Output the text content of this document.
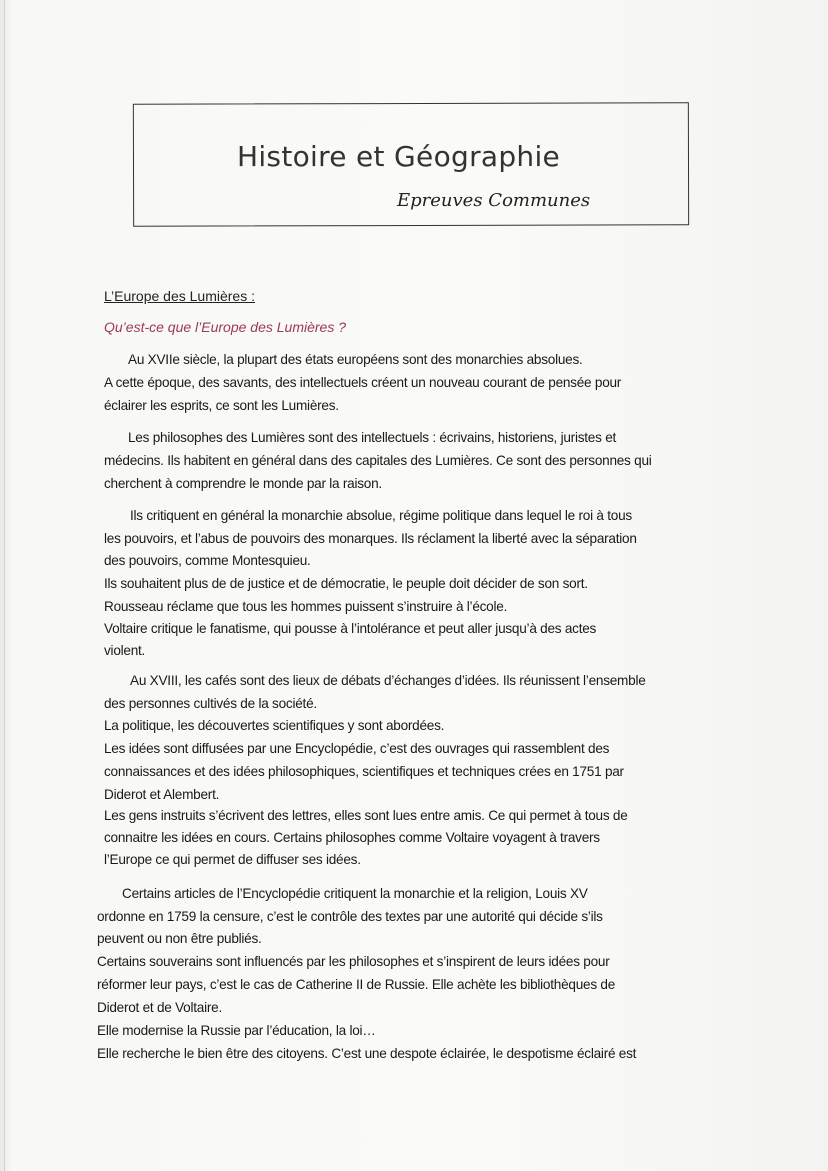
Histoire et Géographie
Epreuves Communes
L’Europe des Lumières :
Qu’est-ce que l’Europe des Lumières ?
Au XVIIe siècle, la plupart des états européens sont des monarchies absolues.
A cette époque, des savants, des intellectuels créent un nouveau courant de pensée pour
éclairer les esprits, ce sont les Lumières.
Les philosophes des Lumières sont des intellectuels : écrivains, historiens, juristes et
médecins. Ils habitent en général dans des capitales des Lumières. Ce sont des personnes qui
cherchent à comprendre le monde par la raison.
Ils critiquent en général la monarchie absolue, régime politique dans lequel le roi à tous
les pouvoirs, et l’abus de pouvoirs des monarques. Ils réclament la liberté avec la séparation
des pouvoirs, comme Montesquieu.
Ils souhaitent plus de de justice et de démocratie, le peuple doit décider de son sort.
Rousseau réclame que tous les hommes puissent s’instruire à l’école.
Voltaire critique le fanatisme, qui pousse à l’intolérance et peut aller jusqu’à des actes
violent.
Au XVIII, les cafés sont des lieux de débats d’échanges d’idées. Ils réunissent l’ensemble
des personnes cultivés de la société.
La politique, les découvertes scientifiques y sont abordées.
Les idées sont diffusées par une Encyclopédie, c’est des ouvrages qui rassemblent des
connaissances et des idées philosophiques, scientifiques et techniques crées en 1751 par
Diderot et Alembert.
Les gens instruits s’écrivent des lettres, elles sont lues entre amis. Ce qui permet à tous de
connaitre les idées en cours. Certains philosophes comme Voltaire voyagent à travers
l’Europe ce qui permet de diffuser ses idées.
Certains articles de l’Encyclopédie critiquent la monarchie et la religion, Louis XV
ordonne en 1759 la censure, c’est le contrôle des textes par une autorité qui décide s’ils
peuvent ou non être publiés.
Certains souverains sont influencés par les philosophes et s’inspirent de leurs idées pour
réformer leur pays, c’est le cas de Catherine II de Russie. Elle achète les bibliothèques de
Diderot et de Voltaire.
Elle modernise la Russie par l’éducation, la loi…
Elle recherche le bien être des citoyens. C’est une despote éclairée, le despotisme éclairé est
